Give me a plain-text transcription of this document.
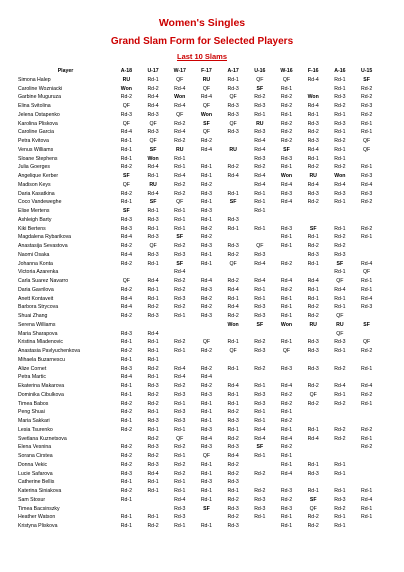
Women's Singles
Grand Slam Form for Selected Players
Last 10 Slams
Player	A-18	U-17	W-17	F-17	A-17	U-16	W-16	F-16	A-16	U-15
Simona Halep	RU	Rd-1	QF	RU	Rd-1	QF	QF	Rd-4	Rd-1	SF
Caroline Wozniacki	Won	Rd-2	Rd-4	QF	Rd-3	SF	Rd-1		Rd-1	Rd-2
Garbine Muguruza	Rd-2	Rd-4	Won	Rd-4	QF	Rd-2	Rd-2	Won	Rd-3	Rd-2
Elina Svitolina	QF	Rd-4	Rd-4	QF	Rd-3	Rd-3	Rd-2	Rd-4	Rd-2	Rd-3
Jelena Ostapenko	Rd-3	Rd-3	QF	Won	Rd-3	Rd-1	Rd-1	Rd-1	Rd-1	Rd-2
Karolina Pliskova	QF	QF	Rd-2	SF	QF	RU	Rd-2	Rd-3	Rd-3	Rd-1
Caroline Garcia	Rd-4	Rd-3	Rd-4	QF	Rd-3	Rd-3	Rd-2	Rd-2	Rd-1	Rd-1
Petra Kvitova	Rd-1	QF	Rd-2	Rd-2		Rd-4	Rd-2	Rd-3	Rd-2	QF
Venus Williams	Rd-1	SF	RU	Rd-4	RU	Rd-4	SF	Rd-4	Rd-1	QF
Sloane Stephens	Rd-1	Won	Rd-1			Rd-3	Rd-3	Rd-1	Rd-1	
Julia Goerges	Rd-2	Rd-4	Rd-1	Rd-1	Rd-2	Rd-2	Rd-1	Rd-2	Rd-2	Rd-1
Angelique Kerber	SF	Rd-1	Rd-4	Rd-1	Rd-4	Rd-4	Won	RU	Won	Rd-3
Madison Keys	QF	RU	Rd-2	Rd-2		Rd-4	Rd-4	Rd-4	Rd-4	Rd-4
Daria Kasatkina	Rd-2	Rd-4	Rd-2	Rd-3	Rd-1	Rd-1	Rd-3	Rd-3	Rd-3	Rd-3
Coco Vandeweghe	Rd-1	SF	QF	Rd-1	SF	Rd-1	Rd-4	Rd-2	Rd-1	Rd-2
Elise Mertens	SF	Rd-1	Rd-1	Rd-3		Rd-1				
Ashleigh Barty	Rd-3	Rd-3	Rd-1	Rd-1	Rd-3					
Kiki Bertens	Rd-3	Rd-1	Rd-1	Rd-2	Rd-1	Rd-1	Rd-3	SF	Rd-1	Rd-2
Magdalena Rybarikova	Rd-4	Rd-3	SF	Rd-2			Rd-1	Rd-1	Rd-2	Rd-1
Anastasija Sevastova	Rd-2	QF	Rd-2	Rd-3	Rd-3	QF	Rd-1	Rd-2	Rd-2	
Naomi Osaka	Rd-4	Rd-3	Rd-3	Rd-1	Rd-2	Rd-3		Rd-3	Rd-3	
Johanna Konta	Rd-2	Rd-1	SF	Rd-1	QF	Rd-4	Rd-2	Rd-1	SF	Rd-4
Victoria Azarenka			Rd-4						Rd-1	QF
Carla Suarez Navarro	QF	Rd-4	Rd-2	Rd-4	Rd-2	Rd-4	Rd-4	Rd-4	QF	Rd-1
Daria Gavrilova	Rd-2	Rd-1	Rd-2	Rd-3	Rd-4	Rd-1	Rd-2	Rd-1	Rd-4	Rd-1
Anett Kontaveit	Rd-4	Rd-1	Rd-3	Rd-2	Rd-1	Rd-1	Rd-1	Rd-1	Rd-1	Rd-4
Barbora Strycova	Rd-4	Rd-2	Rd-2	Rd-2	Rd-4	Rd-3	Rd-1	Rd-2	Rd-1	Rd-3
Shuai Zhang	Rd-2	Rd-3	Rd-1	Rd-3	Rd-2	Rd-3	Rd-1	Rd-2	QF	
Serena Williams					Won	SF	Won	RU	RU	SF
Maria Sharapova	Rd-3	Rd-4							QF	
Kristina Mladenovic	Rd-1	Rd-1	Rd-2	QF	Rd-1	Rd-2	Rd-1	Rd-3	Rd-3	QF
Anastasia Pavlyuchenkova	Rd-2	Rd-1	Rd-1	Rd-2	QF	Rd-3	QF	Rd-3	Rd-1	Rd-2
Mihaela Buzarnescu	Rd-1	Rd-1								
Alize Cornet	Rd-3	Rd-2	Rd-4	Rd-2	Rd-1	Rd-2	Rd-3	Rd-3	Rd-2	Rd-1
Petra Martic	Rd-4	Rd-1	Rd-4	Rd-4						
Ekaterina Makarova	Rd-1	Rd-3	Rd-2	Rd-2	Rd-4	Rd-1	Rd-4	Rd-2	Rd-4	Rd-4
Dominika Cibulkova	Rd-1	Rd-2	Rd-3	Rd-3	Rd-1	Rd-3	Rd-2	QF	Rd-1	Rd-2
Timea Babos	Rd-2	Rd-2	Rd-1	Rd-1	Rd-1	Rd-3	Rd-2	Rd-2	Rd-2	Rd-1
Peng Shuai	Rd-2	Rd-1	Rd-3	Rd-1	Rd-2	Rd-1	Rd-1			
Maria Sakkari	Rd-1	Rd-3	Rd-3	Rd-1	Rd-3	Rd-1	Rd-2			
Lesia Tsurenko	Rd-2	Rd-1	Rd-1	Rd-3	Rd-1	Rd-4	Rd-1	Rd-1	Rd-2	Rd-2
Svetlana Kuznetsova		Rd-2	QF	Rd-4	Rd-2	Rd-4	Rd-4	Rd-4	Rd-2	Rd-1
Elena Vesnina	Rd-2	Rd-3	Rd-2	Rd-3	Rd-3	SF	Rd-2			Rd-2
Sorana Cirstea	Rd-2	Rd-2	Rd-1	QF	Rd-4	Rd-1	Rd-1			
Donna Vekic	Rd-2	Rd-3	Rd-2	Rd-1	Rd-2		Rd-1	Rd-1	Rd-1	
Lucie Safarova	Rd-3	Rd-4	Rd-2	Rd-1	Rd-2	Rd-2	Rd-4	Rd-3	Rd-1	
Catherine Bellis	Rd-1	Rd-1	Rd-1	Rd-3	Rd-3					
Katerina Siniakova	Rd-2	Rd-1	Rd-1	Rd-1	Rd-1	Rd-2	Rd-3	Rd-1	Rd-1	Rd-1
Sam Stosur	Rd-1		Rd-4	Rd-1	Rd-2	Rd-3	Rd-2	SF	Rd-3	Rd-4
Timea Bacsinszky			Rd-3	SF	Rd-3	Rd-3	Rd-3	QF	Rd-2	Rd-1
Heather Watson	Rd-1	Rd-1	Rd-3		Rd-2	Rd-1	Rd-1	Rd-2	Rd-1	Rd-1
Kristyna Pliskova	Rd-1	Rd-2	Rd-1	Rd-1	Rd-3		Rd-1	Rd-2	Rd-1	
